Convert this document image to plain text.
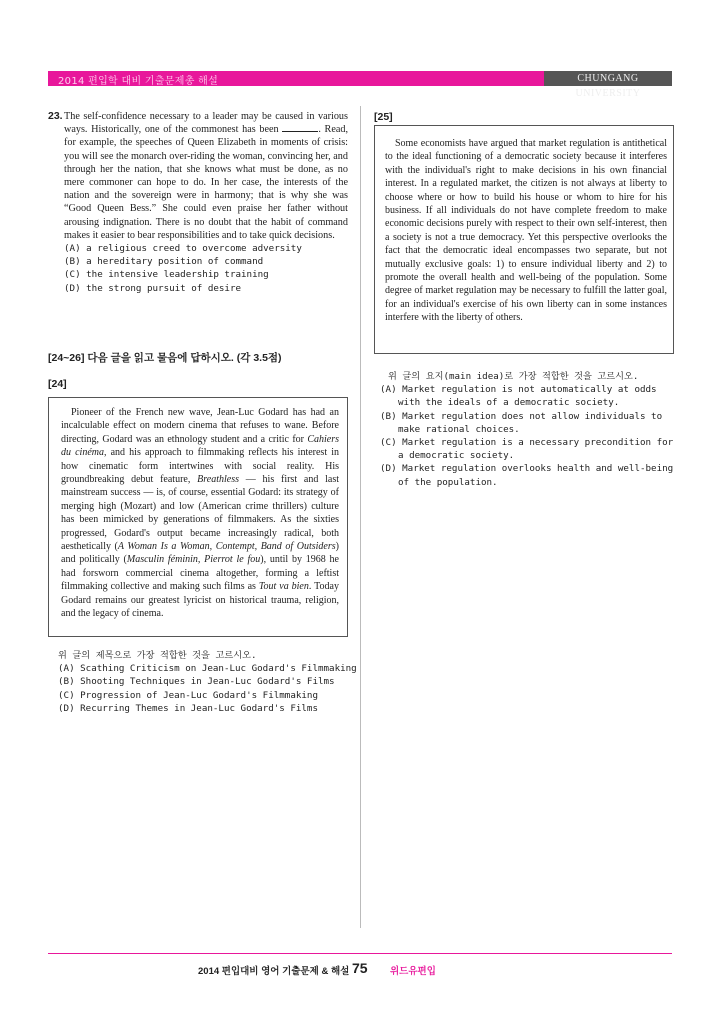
2014 편입학 대비 기출문제총 해설	CHUNGANG UNIVERSITY
23. The self-confidence necessary to a leader may be caused in various ways. Historically, one of the commonest has been	. Read, for example, the speeches of Queen Elizabeth in moments of crisis: you will see the monarch over-riding the woman, convincing her, and through her the nation, that she knows what must be done, as no mere commoner can hope to do. In her case, the interests of the nation and the sovereign were in harmony; that is why she was “Good Queen Bess.” She could even praise her father without arousing indignation. There is no doubt that the habit of command makes it easier to bear responsibilities and to take quick decisions.
(A) a religious creed to overcome adversity
(B) a hereditary position of command
(C) the intensive leadership training
(D) the strong pursuit of desire
[24~26] 다음 글을 읽고 물음에 답하시오. (각 3.5점)
[24]

Pioneer of the French new wave, Jean-Luc Godard has had an incalculable effect on modern cinema that refuses to wane. Before directing, Godard was an ethnology student and a critic for Cahiers du cinéma, and his approach to filmmaking reflects his interest in how cinematic form intertwines with social reality. His groundbreaking debut feature, Breathless — his first and last mainstream success — is, of course, essential Godard: its strategy of merging high (Mozart) and low (American crime thrillers) culture has been mimicked by generations of filmmakers. As the sixties progressed, Godard's output became increasingly radical, both aesthetically (A Woman Is a Woman, Contempt, Band of Outsiders) and politically (Masculin féminin, Pierrot le fou), until by 1968 he had forsworn commercial cinema altogether, forming a leftist filmmaking collective and making such films as Tout va bien. Today Godard remains our greatest lyricist on historical trauma, religion, and the legacy of cinema.

위 글의 제목으로 가장 적합한 것을 고르시오.
(A) Scathing Criticism on Jean-Luc Godard's Filmmaking
(B) Shooting Techniques in Jean-Luc Godard's Films
(C) Progression of Jean-Luc Godard's Filmmaking
(D) Recurring Themes in Jean-Luc Godard's Films
[25]

Some economists have argued that market regulation is antithetical to the ideal functioning of a democratic society because it interferes with the individual's right to make decisions in his own financial interest. In a regulated market, the citizen is not always at liberty to choose where or how to build his house or whom to hire for his business. If all individuals do not have complete freedom to make economic decisions purely with respect to their own self-interest, then a society is not a true democracy. Yet this perspective overlooks the fact that the democratic ideal encompasses two separate, but not mutually exclusive goals: 1) to ensure individual liberty and 2) to promote the overall health and well-being of the population. Some degree of market regulation may be necessary to fulfill the latter goal, for an individual's exercise of his own liberty can in some instances interfere with the liberty of others.

위 글의 요지(main idea)로 가장 적합한 것을 고르시오.
(A) Market regulation is not automatically at odds with the ideals of a democratic society.
(B) Market regulation does not allow individuals to make rational choices.
(C) Market regulation is a necessary precondition for a democratic society.
(D) Market regulation overlooks health and well-being of the population.
2014 편입대비 영어 기출문제 & 해설 75 위드유편입
